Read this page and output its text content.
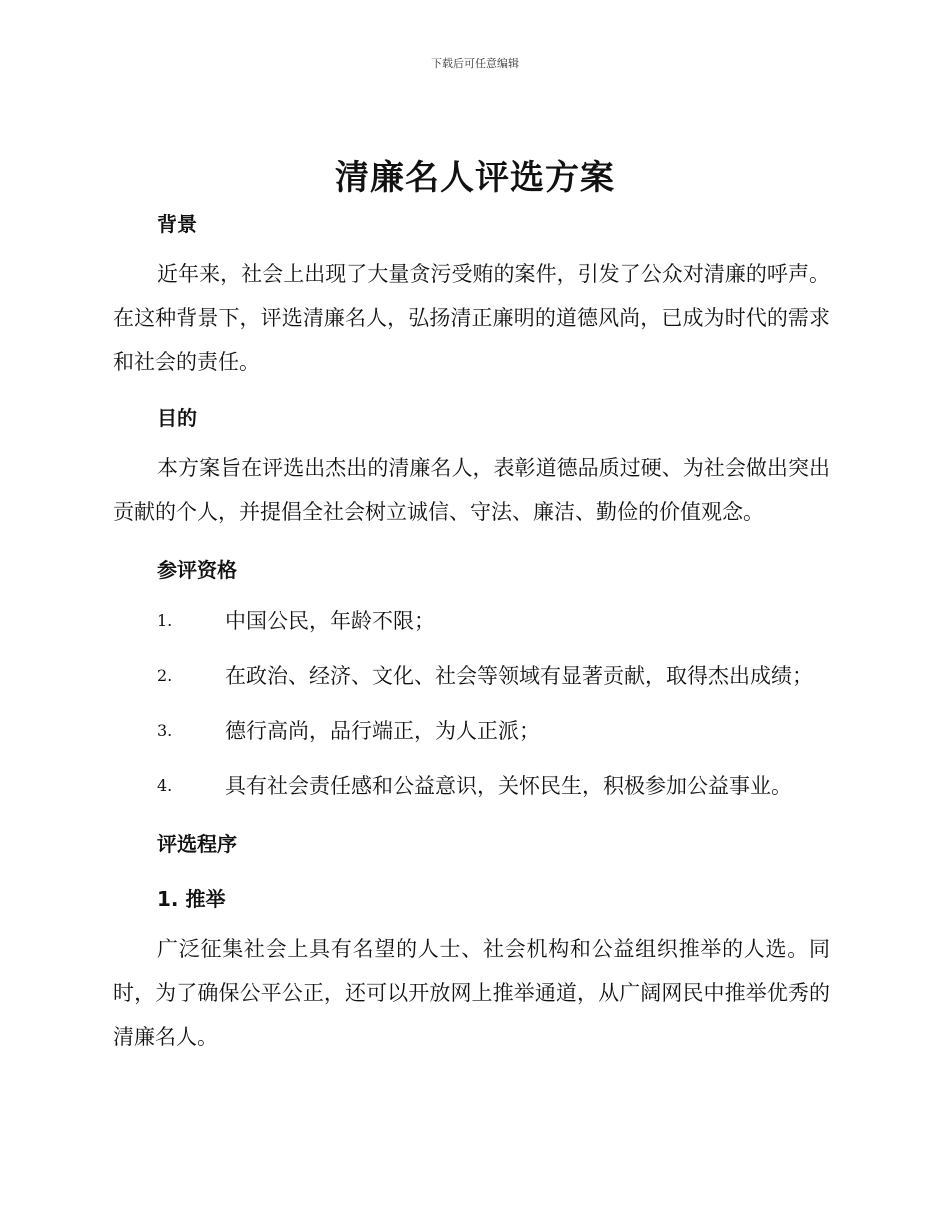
下载后可任意编辑
清廉名人评选方案
背景
近年来，社会上出现了大量贪污受贿的案件，引发了公众对清廉的呼声。在这种背景下，评选清廉名人，弘扬清正廉明的道德风尚，已成为时代的需求和社会的责任。
目的
本方案旨在评选出杰出的清廉名人，表彰道德品质过硬、为社会做出突出贡献的个人，并提倡全社会树立诚信、守法、廉洁、勤俭的价值观念。
参评资格
1.	中国公民，年龄不限；
2.	在政治、经济、文化、社会等领域有显著贡献，取得杰出成绩；
3.	德行高尚，品行端正，为人正派；
4.	具有社会责任感和公益意识，关怀民生，积极参加公益事业。
评选程序
1. 推举
广泛征集社会上具有名望的人士、社会机构和公益组织推举的人选。同时，为了确保公平公正，还可以开放网上推举通道，从广阔网民中推举优秀的清廉名人。
